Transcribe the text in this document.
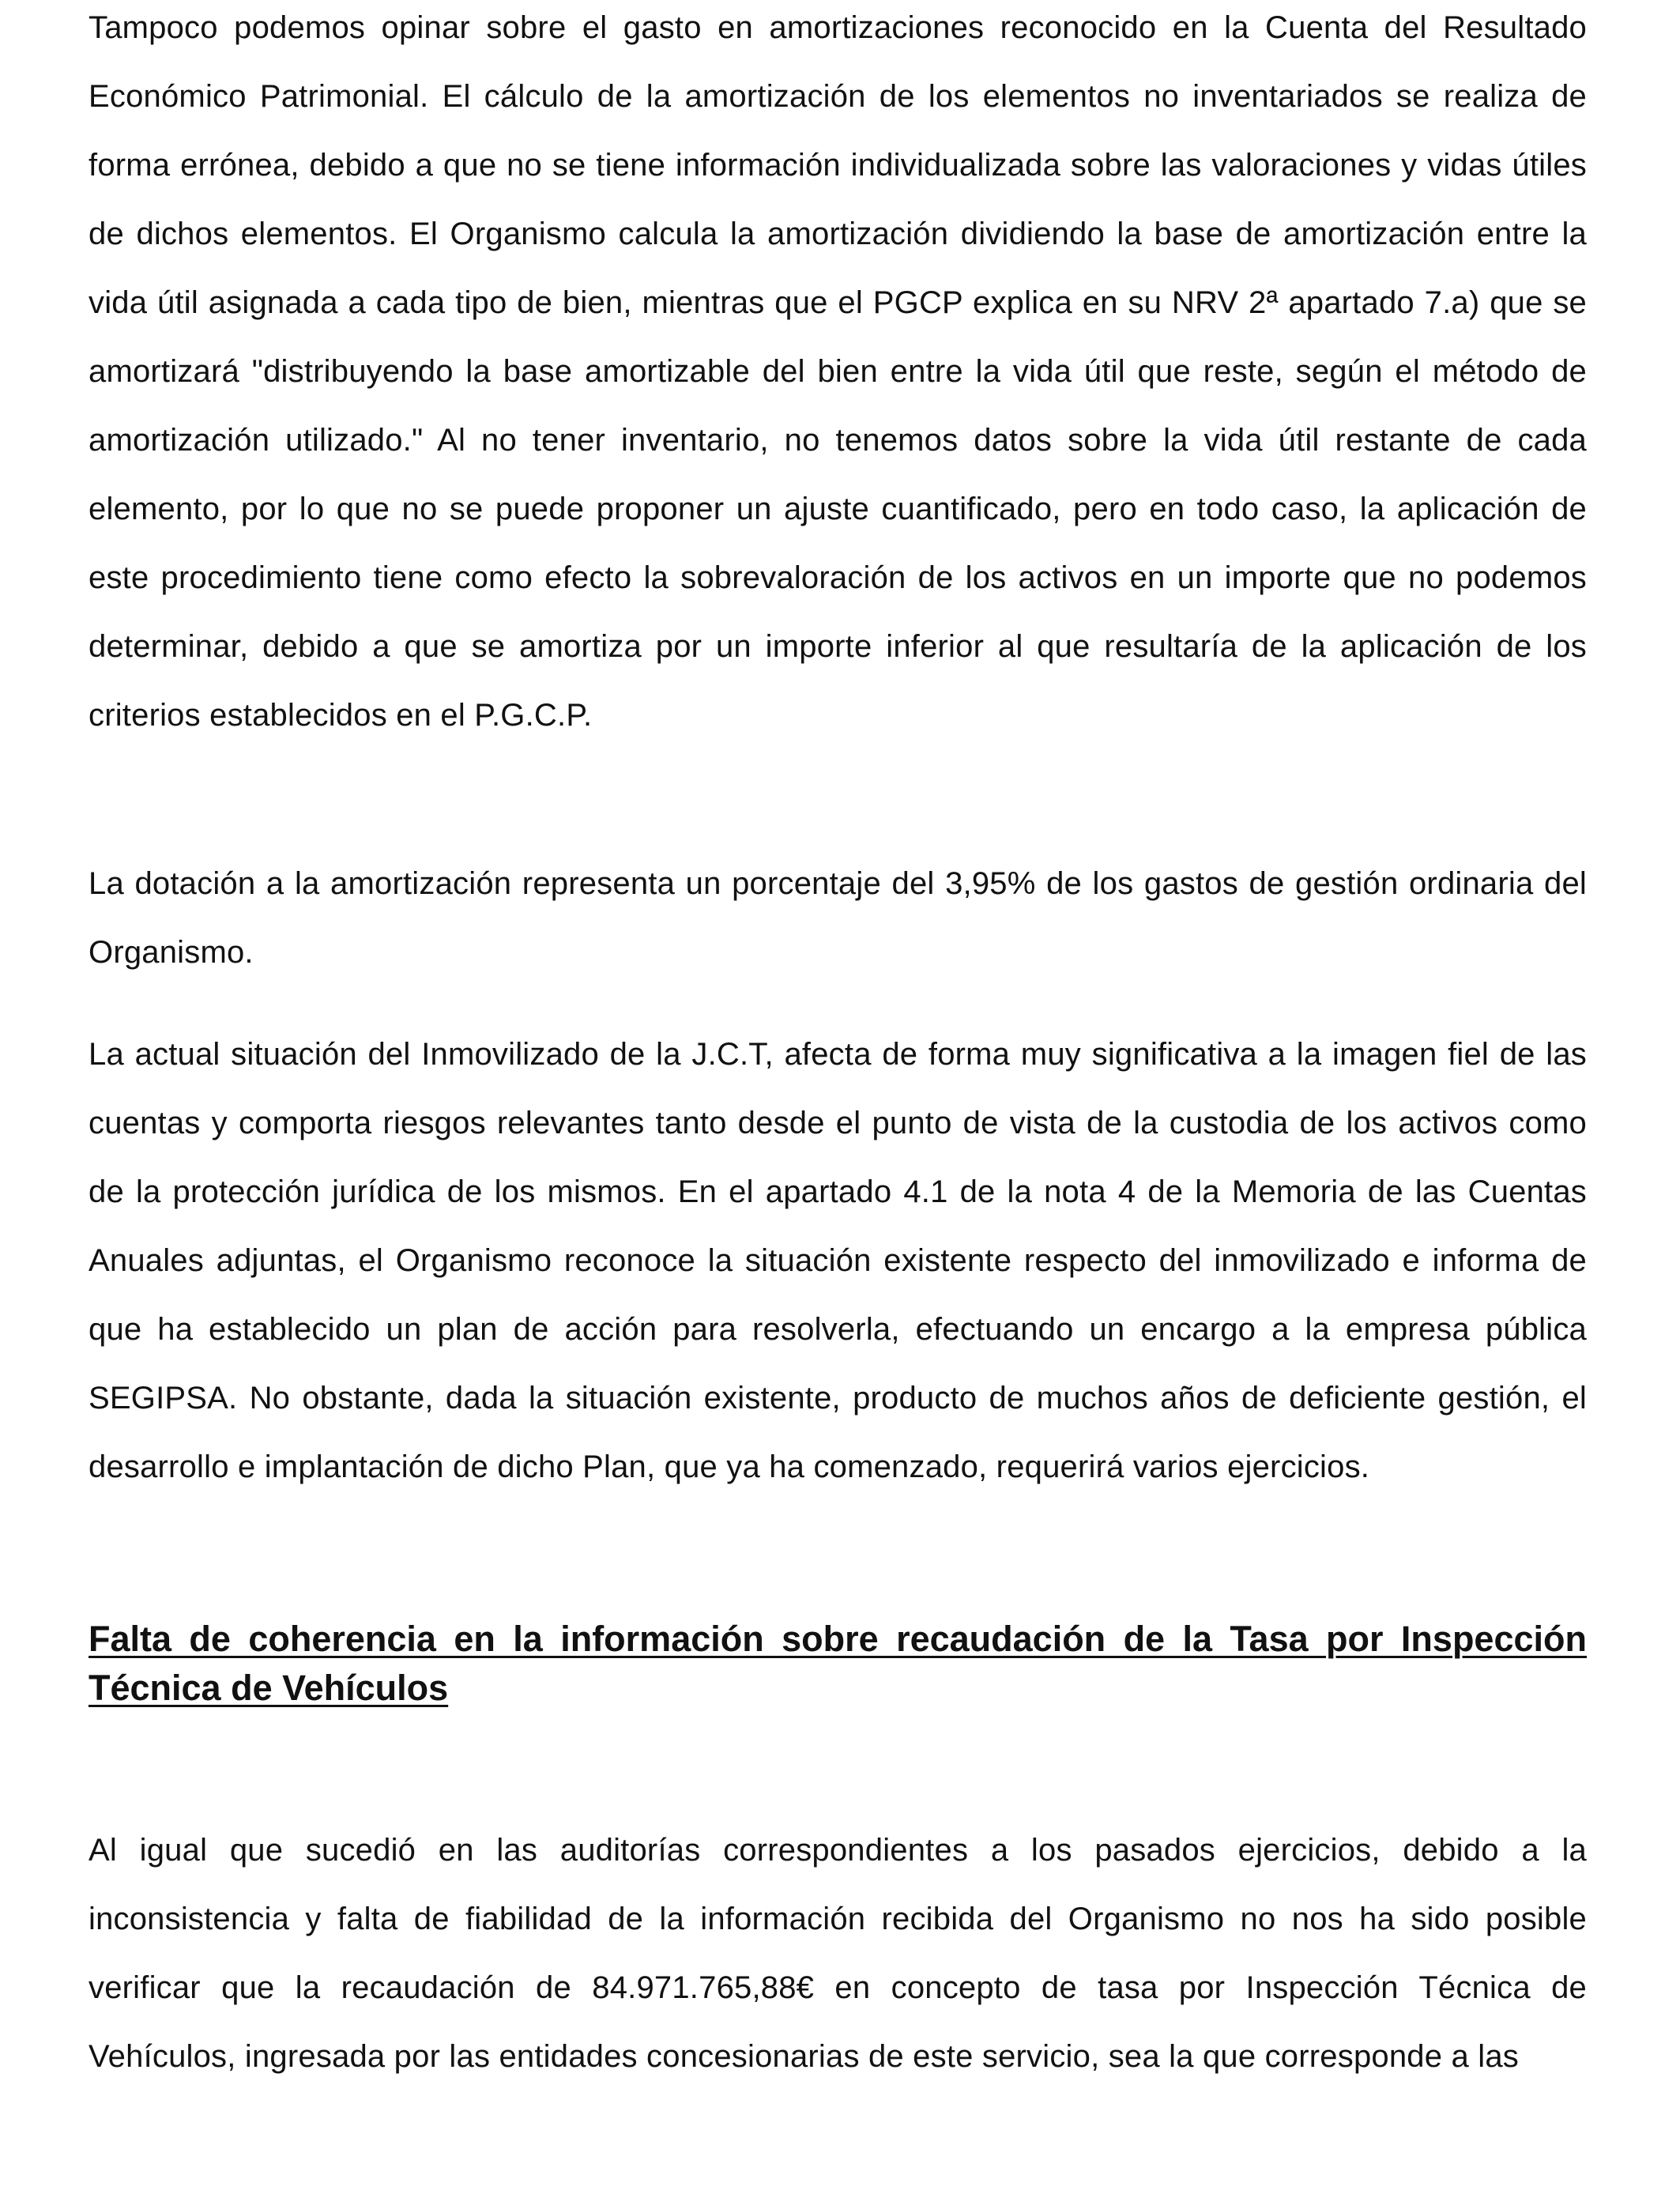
Tampoco podemos opinar sobre el gasto en amortizaciones reconocido en la Cuenta del Resultado Económico Patrimonial. El cálculo de la amortización de los elementos no inventariados se realiza de forma errónea, debido a que no se tiene información individualizada sobre las valoraciones y vidas útiles de dichos elementos. El Organismo calcula la amortización dividiendo la base de amortización entre la vida útil asignada a cada tipo de bien, mientras que el PGCP explica en su NRV 2ª apartado 7.a) que se amortizará "distribuyendo la base amortizable del bien entre la vida útil que reste, según el método de amortización utilizado." Al no tener inventario, no tenemos datos sobre la vida útil restante de cada elemento, por lo que no se puede proponer un ajuste cuantificado, pero en todo caso, la aplicación de este procedimiento tiene como efecto la sobrevaloración de los activos en un importe que no podemos determinar, debido a que se amortiza por un importe inferior al que resultaría de la aplicación de los criterios establecidos en el P.G.C.P.

La dotación a la amortización representa un porcentaje del 3,95% de los gastos de gestión ordinaria del Organismo.

La actual situación del Inmovilizado de la J.C.T, afecta de forma muy significativa a la imagen fiel de las cuentas y comporta riesgos relevantes tanto desde el punto de vista de la custodia de los activos como de la protección jurídica de los mismos. En el apartado 4.1 de la nota 4 de la Memoria de las Cuentas Anuales adjuntas, el Organismo reconoce la situación existente respecto del inmovilizado e informa de que ha establecido un plan de acción para resolverla, efectuando un encargo a la empresa pública SEGIPSA. No obstante, dada la situación existente, producto de muchos años de deficiente gestión, el desarrollo e implantación de dicho Plan, que ya ha comenzado, requerirá varios ejercicios.

Falta de coherencia en la información sobre recaudación de la Tasa por Inspección Técnica de Vehículos

Al igual que sucedió en las auditorías correspondientes a los pasados ejercicios, debido a la inconsistencia y falta de fiabilidad de la información recibida del Organismo no nos ha sido posible verificar que la recaudación de 84.971.765,88€ en concepto de tasa por Inspección Técnica de Vehículos, ingresada por las entidades concesionarias de este servicio, sea la que corresponde a las
